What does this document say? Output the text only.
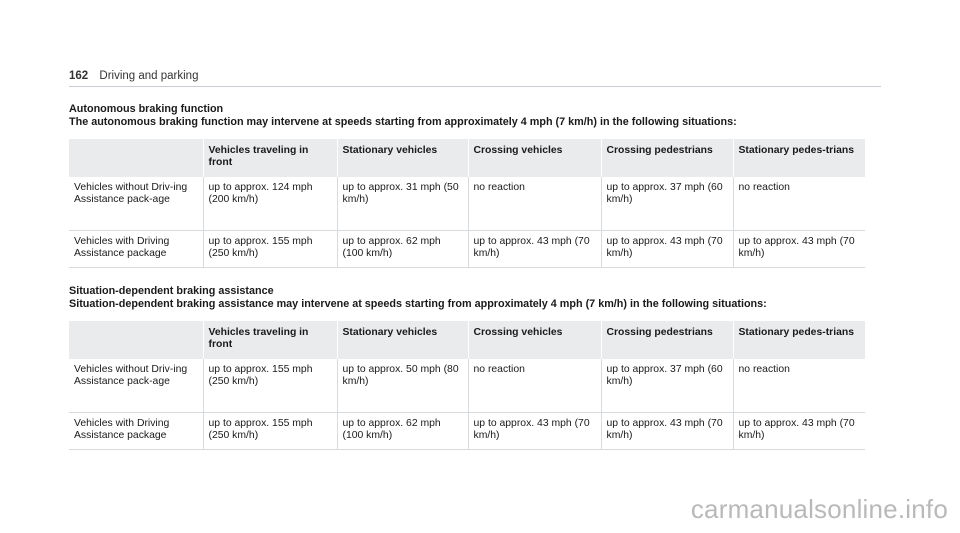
162 Driving and parking
Autonomous braking function
The autonomous braking function may intervene at speeds starting from approximately 4 mph (7 km/h) in the following situations:
	Vehicles traveling in front	Stationary vehicles	Crossing vehicles	Crossing pedestrians	Stationary pedes-trians
Vehicles without Driv-ing Assistance pack-age	up to approx. 124 mph (200 km/h)	up to approx. 31 mph (50 km/h)	no reaction	up to approx. 37 mph (60 km/h)	no reaction
Vehicles with Driving Assistance package	up to approx. 155 mph (250 km/h)	up to approx. 62 mph (100 km/h)	up to approx. 43 mph (70 km/h)	up to approx. 43 mph (70 km/h)	up to approx. 43 mph (70 km/h)
Situation-dependent braking assistance
Situation-dependent braking assistance may intervene at speeds starting from approximately 4 mph (7 km/h) in the following situations:
	Vehicles traveling in front	Stationary vehicles	Crossing vehicles	Crossing pedestrians	Stationary pedes-trians
Vehicles without Driv-ing Assistance pack-age	up to approx. 155 mph (250 km/h)	up to approx. 50 mph (80 km/h)	no reaction	up to approx. 37 mph (60 km/h)	no reaction
Vehicles with Driving Assistance package	up to approx. 155 mph (250 km/h)	up to approx. 62 mph (100 km/h)	up to approx. 43 mph (70 km/h)	up to approx. 43 mph (70 km/h)	up to approx. 43 mph (70 km/h)
carmanualsonline.info
